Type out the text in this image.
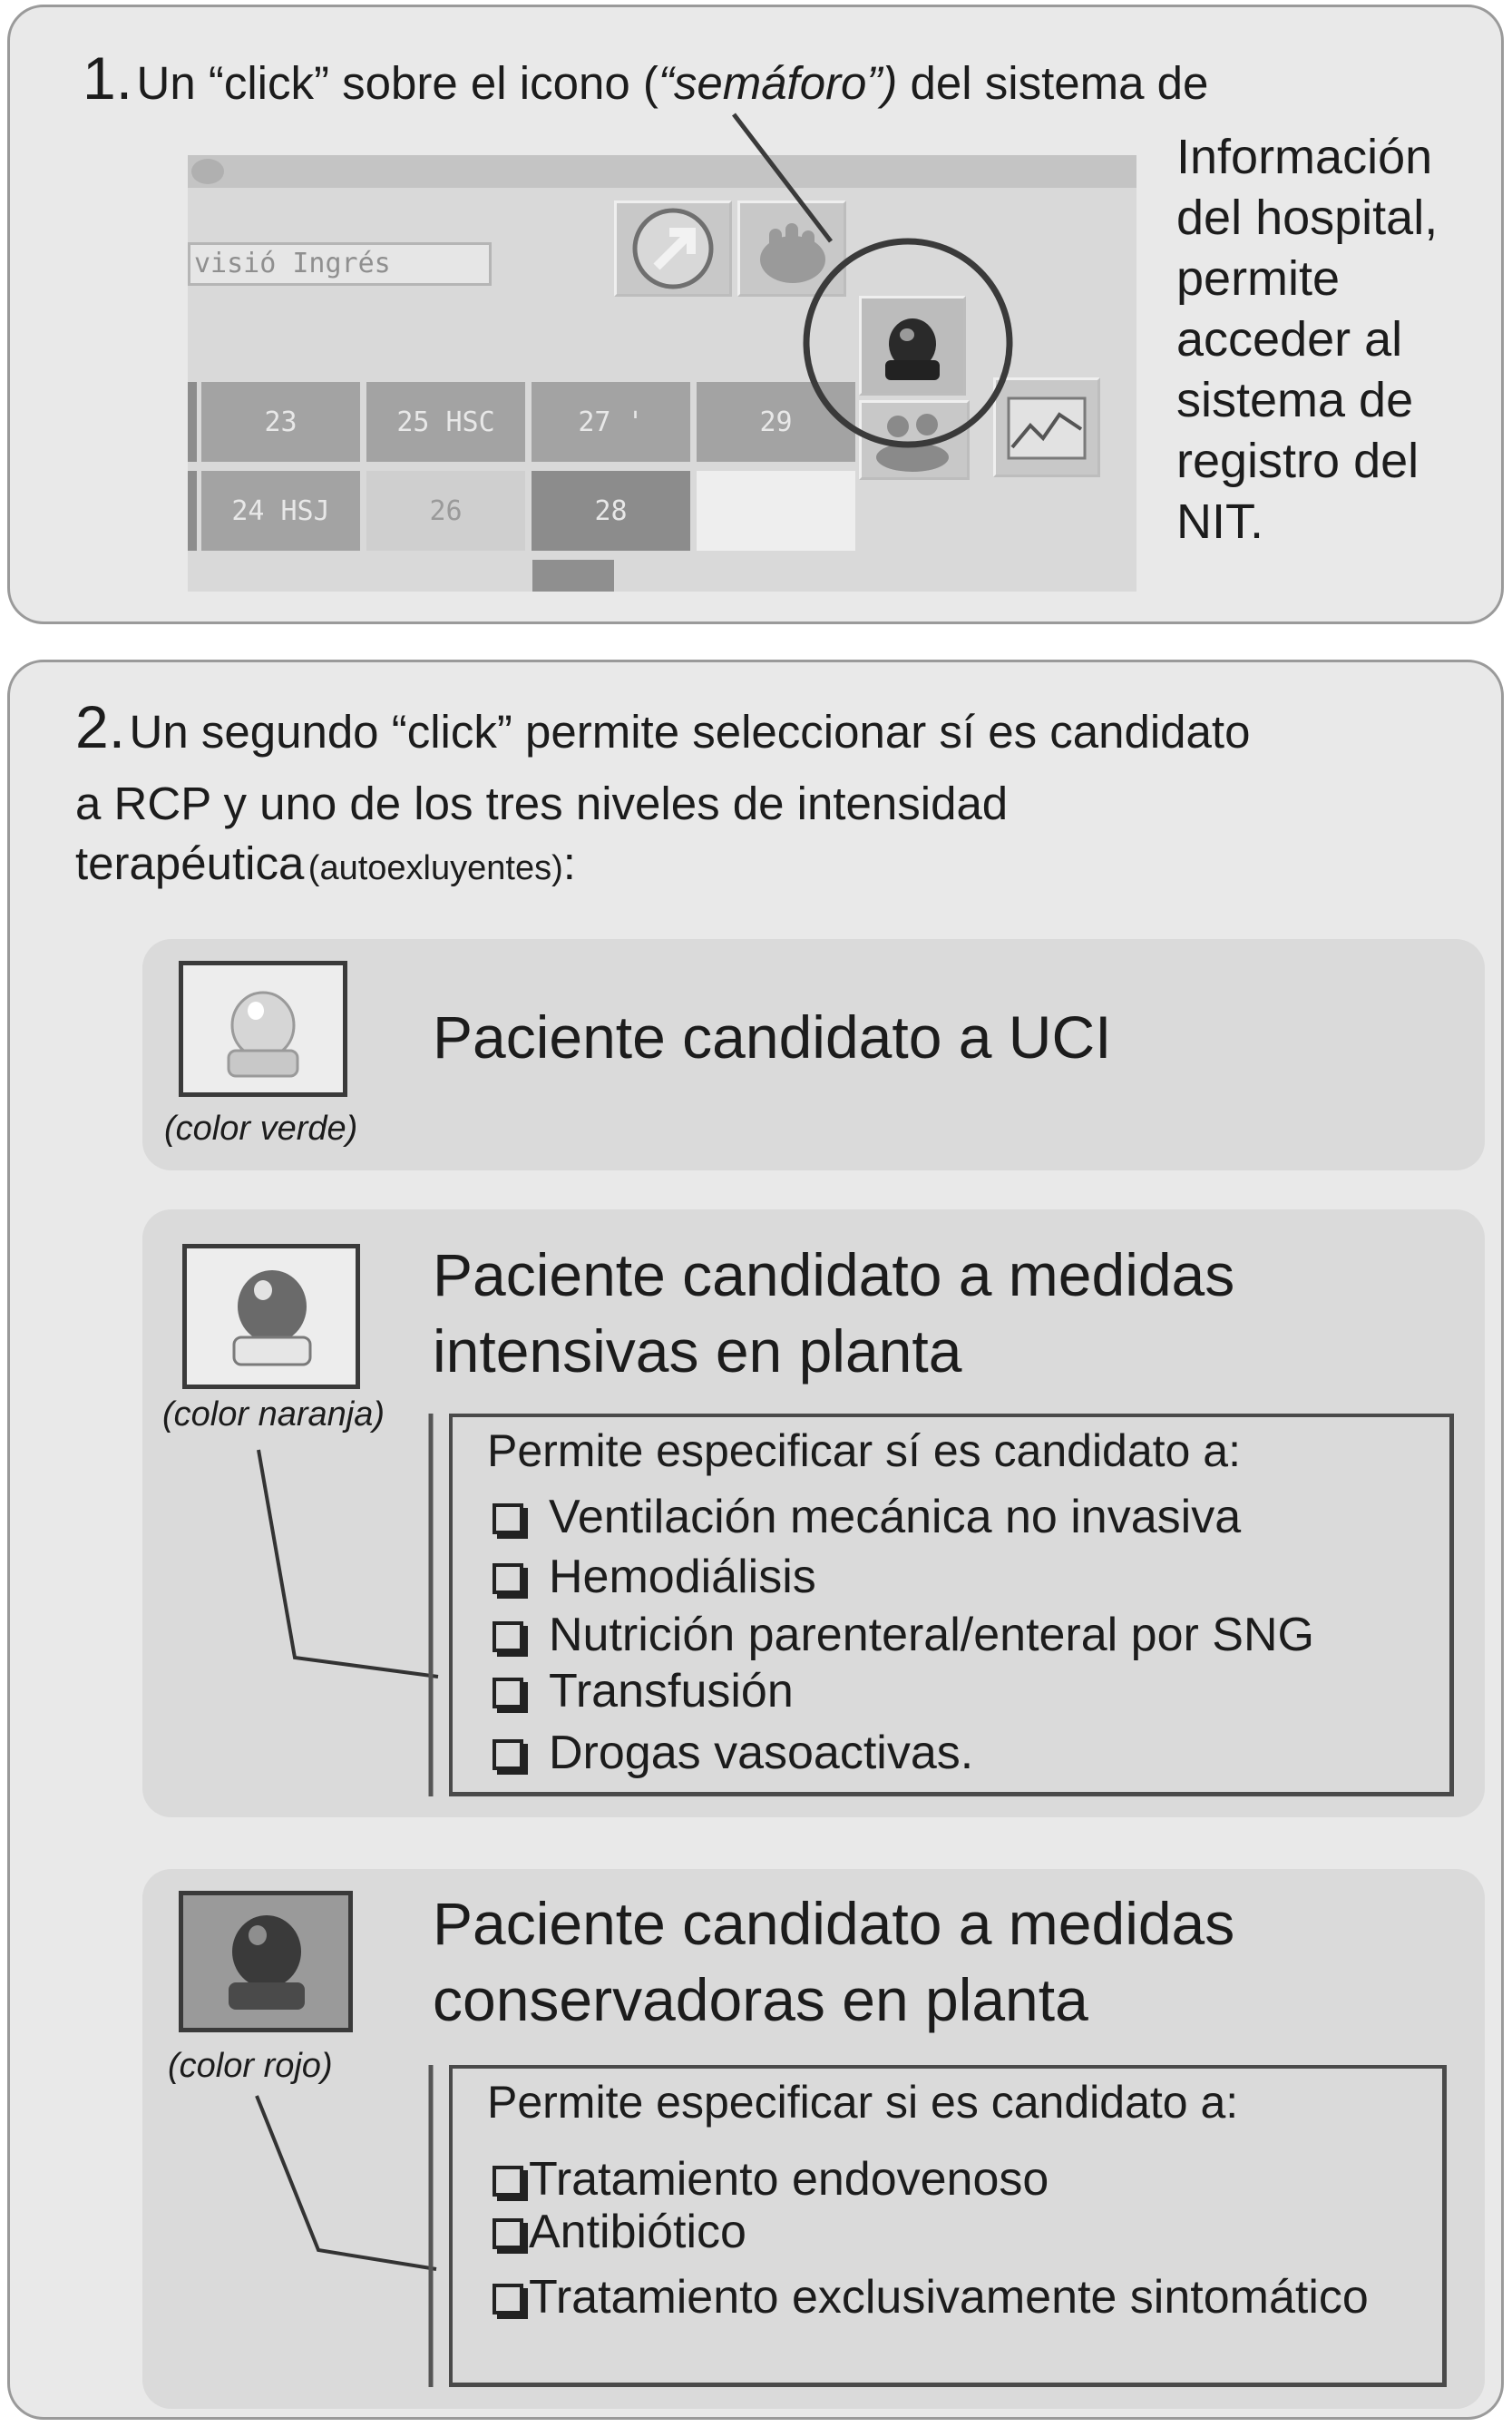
1. Un “click” sobre el icono (“semáforo”) del sistema de
Información
del hospital,
permite
acceder al
sistema de
registro del
NIT.
visió Ingrés
23	25 HSC	27 '	29
24 HSJ	26	28
2. Un segundo “click” permite seleccionar sí es candidato
a RCP y uno de los tres niveles de intensidad
terapéutica (autoexluyentes):
(color verde)
Paciente candidato a UCI
(color naranja)
Paciente candidato a medidas
intensivas en planta
Permite especificar sí es candidato a:
Ventilación mecánica no invasiva
Hemodiálisis
Nutrición parenteral/enteral por SNG
Transfusión
Drogas vasoactivas.
(color rojo)
Paciente candidato a medidas
conservadoras en planta
Permite especificar si es candidato a:
Tratamiento endovenoso
Antibiótico
Tratamiento exclusivamente sintomático
